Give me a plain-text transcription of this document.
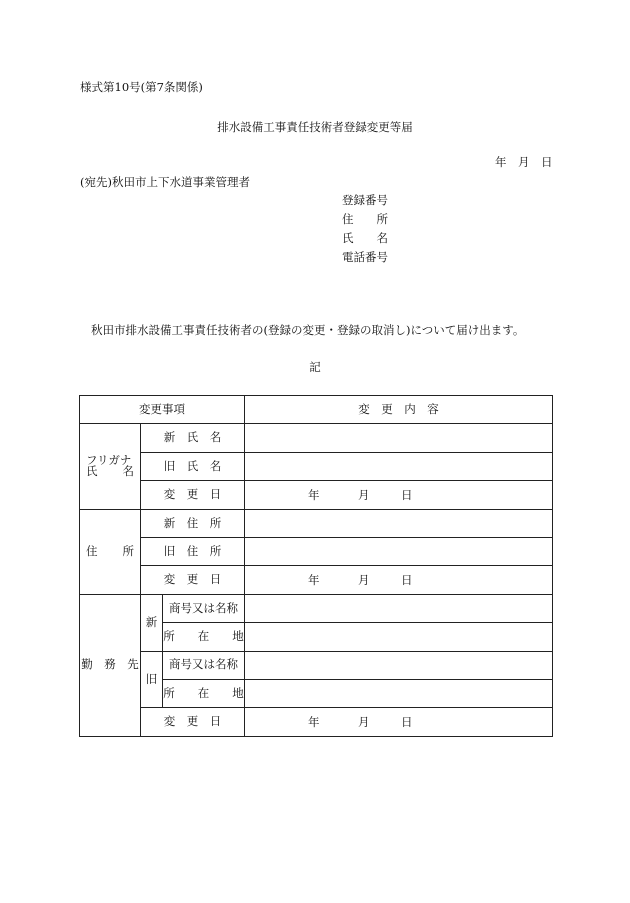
様式第10号(第7条関係)
排水設備工事責任技術者登録変更等届
年　月　日
(宛先)秋田市上下水道事業管理者
登録番号
住　　所
氏　　名
電話番号
秋田市排水設備工事責任技術者の(登録の変更・登録の取消し)について届け出ます。
記
変更事項			変　更　内　容

フリガナ
氏 名	新　氏　名		
	旧　氏　名		
	変　更　日		年 月 日

住 所	新　住　所		
	旧　住　所		
	変　更　日		年 月 日

勤　務　先	新	商号又は名称	
		所　　在　　地	
	旧	商号又は名称	
		所　　在　　地	
	変　更　日		年 月 日
